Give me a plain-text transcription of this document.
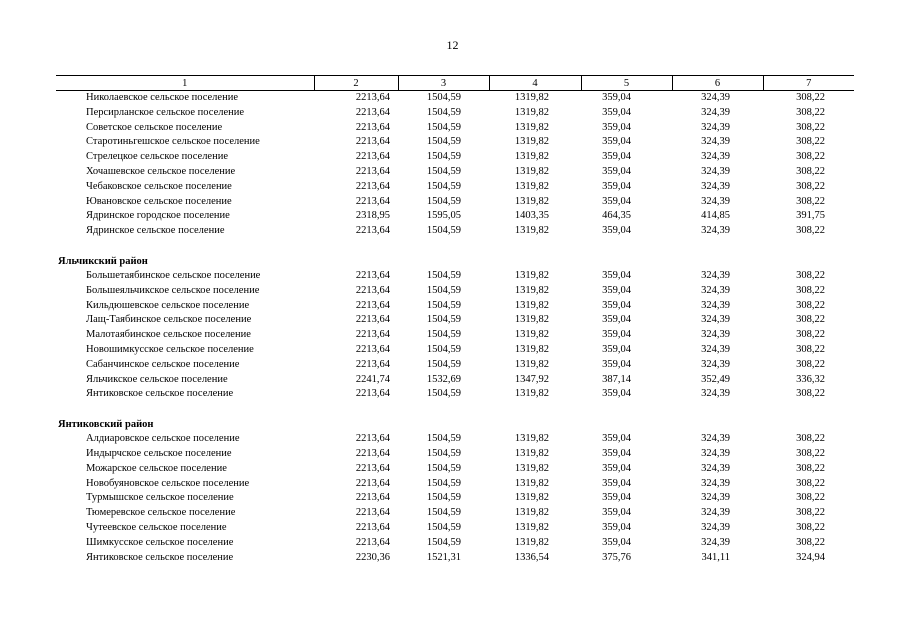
12
1	2	3	4	5	6	7
Николаевское сельское поселение	2213,64	1504,59	1319,82	359,04	324,39	308,22
Персирланское сельское поселение	2213,64	1504,59	1319,82	359,04	324,39	308,22
Советское сельское поселение	2213,64	1504,59	1319,82	359,04	324,39	308,22
Старотиньгешское сельское поселение	2213,64	1504,59	1319,82	359,04	324,39	308,22
Стрелецкое сельское поселение	2213,64	1504,59	1319,82	359,04	324,39	308,22
Хочашевское сельское поселение	2213,64	1504,59	1319,82	359,04	324,39	308,22
Чебаковское сельское поселение	2213,64	1504,59	1319,82	359,04	324,39	308,22
Ювановское сельское поселение	2213,64	1504,59	1319,82	359,04	324,39	308,22
Ядринское городское поселение	2318,95	1595,05	1403,35	464,35	414,85	391,75
Ядринское сельское поселение	2213,64	1504,59	1319,82	359,04	324,39	308,22

Яльчикский район						
Большетаябинское сельское поселение	2213,64	1504,59	1319,82	359,04	324,39	308,22
Большеяльчикское сельское поселение	2213,64	1504,59	1319,82	359,04	324,39	308,22
Кильдюшевское сельское поселение	2213,64	1504,59	1319,82	359,04	324,39	308,22
Лащ-Таябинское сельское поселение	2213,64	1504,59	1319,82	359,04	324,39	308,22
Малотаябинское сельское поселение	2213,64	1504,59	1319,82	359,04	324,39	308,22
Новошимкусское сельское поселение	2213,64	1504,59	1319,82	359,04	324,39	308,22
Сабанчинское сельское поселение	2213,64	1504,59	1319,82	359,04	324,39	308,22
Яльчикское сельское поселение	2241,74	1532,69	1347,92	387,14	352,49	336,32
Янтиковское сельское поселение	2213,64	1504,59	1319,82	359,04	324,39	308,22

Янтиковский район						
Алдиаровское сельское поселение	2213,64	1504,59	1319,82	359,04	324,39	308,22
Индырчское сельское поселение	2213,64	1504,59	1319,82	359,04	324,39	308,22
Можарское сельское поселение	2213,64	1504,59	1319,82	359,04	324,39	308,22
Новобуяновское сельское поселение	2213,64	1504,59	1319,82	359,04	324,39	308,22
Турмышское сельское поселение	2213,64	1504,59	1319,82	359,04	324,39	308,22
Тюмеревское сельское поселение	2213,64	1504,59	1319,82	359,04	324,39	308,22
Чутеевское сельское поселение	2213,64	1504,59	1319,82	359,04	324,39	308,22
Шимкусское сельское поселение	2213,64	1504,59	1319,82	359,04	324,39	308,22
Янтиковское сельское поселение	2230,36	1521,31	1336,54	375,76	341,11	324,94
